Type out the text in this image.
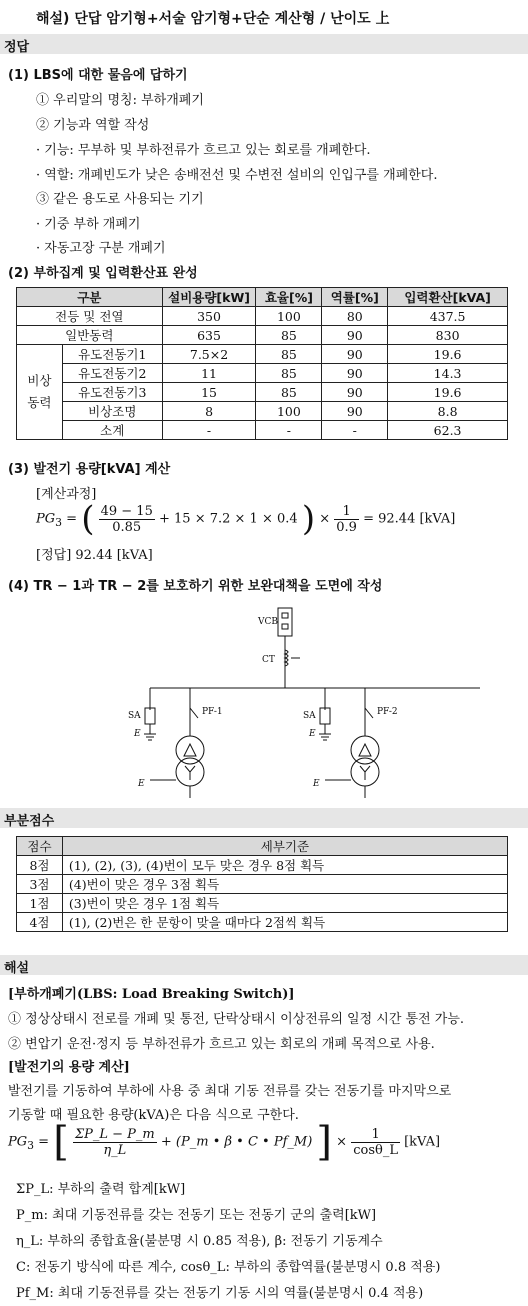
해설) 단답 암기형+서술 암기형+단순 계산형 / 난이도 上
정답
(1) LBS에 대한 물음에 답하기
① 우리말의 명칭: 부하개폐기
② 기능과 역할 작성
· 기능: 무부하 및 부하전류가 흐르고 있는 회로를 개폐한다.
· 역할: 개폐빈도가 낮은 송배전선 및 수변전 설비의 인입구를 개폐한다.
③ 같은 용도로 사용되는 기기
· 기중 부하 개폐기
· 자동고장 구분 개폐기
(2) 부하집계 및 입력환산표 완성
구분		설비용량[kW]	효율[%]	역률[%]	입력환산[kVA]
전등 및 전열		350	100	80	437.5
일반동력		635	85	90	830
비상
동력	유도전동기1	7.5×2	85	90	19.6
	유도전동기2	11	85	90	14.3
	유도전동기3	15	85	90	19.6
	비상조명	8	100	90	8.8
	소계	-	-	-	62.3
(3) 발전기 용량[kVA] 계산
[계산과정]
$PG_3$ = ( $\frac{49 - 15}{0.85} + 15 \times 7.2 \times 1 \times 0.4$ ) × $\frac{1}{0.9} = 92.44$ [kVA]
[정답] 92.44 [kVA]
(4) TR − 1과 TR − 2를 보호하기 위한 보완대책을 도면에 작성
VCB
CT
SA	SA
PF-1	PF-2
E	E
E	E
부분점수
점수	세부기준
8점	(1), (2), (3), (4)번이 모두 맞은 경우 8점 획득
3점	(4)번이 맞은 경우 3점 획득
1점	(3)번이 맞은 경우 1점 획득
4점	(1), (2)번은 한 문항이 맞을 때마다 2점씩 획득
해설
[부하개폐기(LBS: Load Breaking Switch)]
① 정상상태시 전로를 개폐 및 통전, 단락상태시 이상전류의 일정 시간 통전 가능.
② 변압기 운전·정지 등 부하전류가 흐르고 있는 회로의 개폐 목적으로 사용.
[발전기의 용량 계산]
발전기를 기동하여 부하에 사용 중 최대 기동 전류를 갖는 전동기를 마지막으로
기동할 때 필요한 용량(kVA)은 다음 식으로 구한다.
$PG_3$ = [ $\frac{\Sigma P\_L - P\_m}{\eta\_L}$ + (P_m • β • C • Pf_M) ] × $\frac{1}{\cos\theta\_L} [kVA]$
ΣP_L: 부하의 출력 합계[kW]
P_m: 최대 기동전류를 갖는 전동기 또는 전동기 군의 출력[kW]
η_L: 부하의 종합효율(불분명 시 0.85 적용), β: 전동기 기동계수
C: 전동기 방식에 따른 계수, cosθ_L: 부하의 종합역률(불분명시 0.8 적용)
Pf_M: 최대 기동전류를 갖는 전동기 기동 시의 역률(불분명시 0.4 적용)
